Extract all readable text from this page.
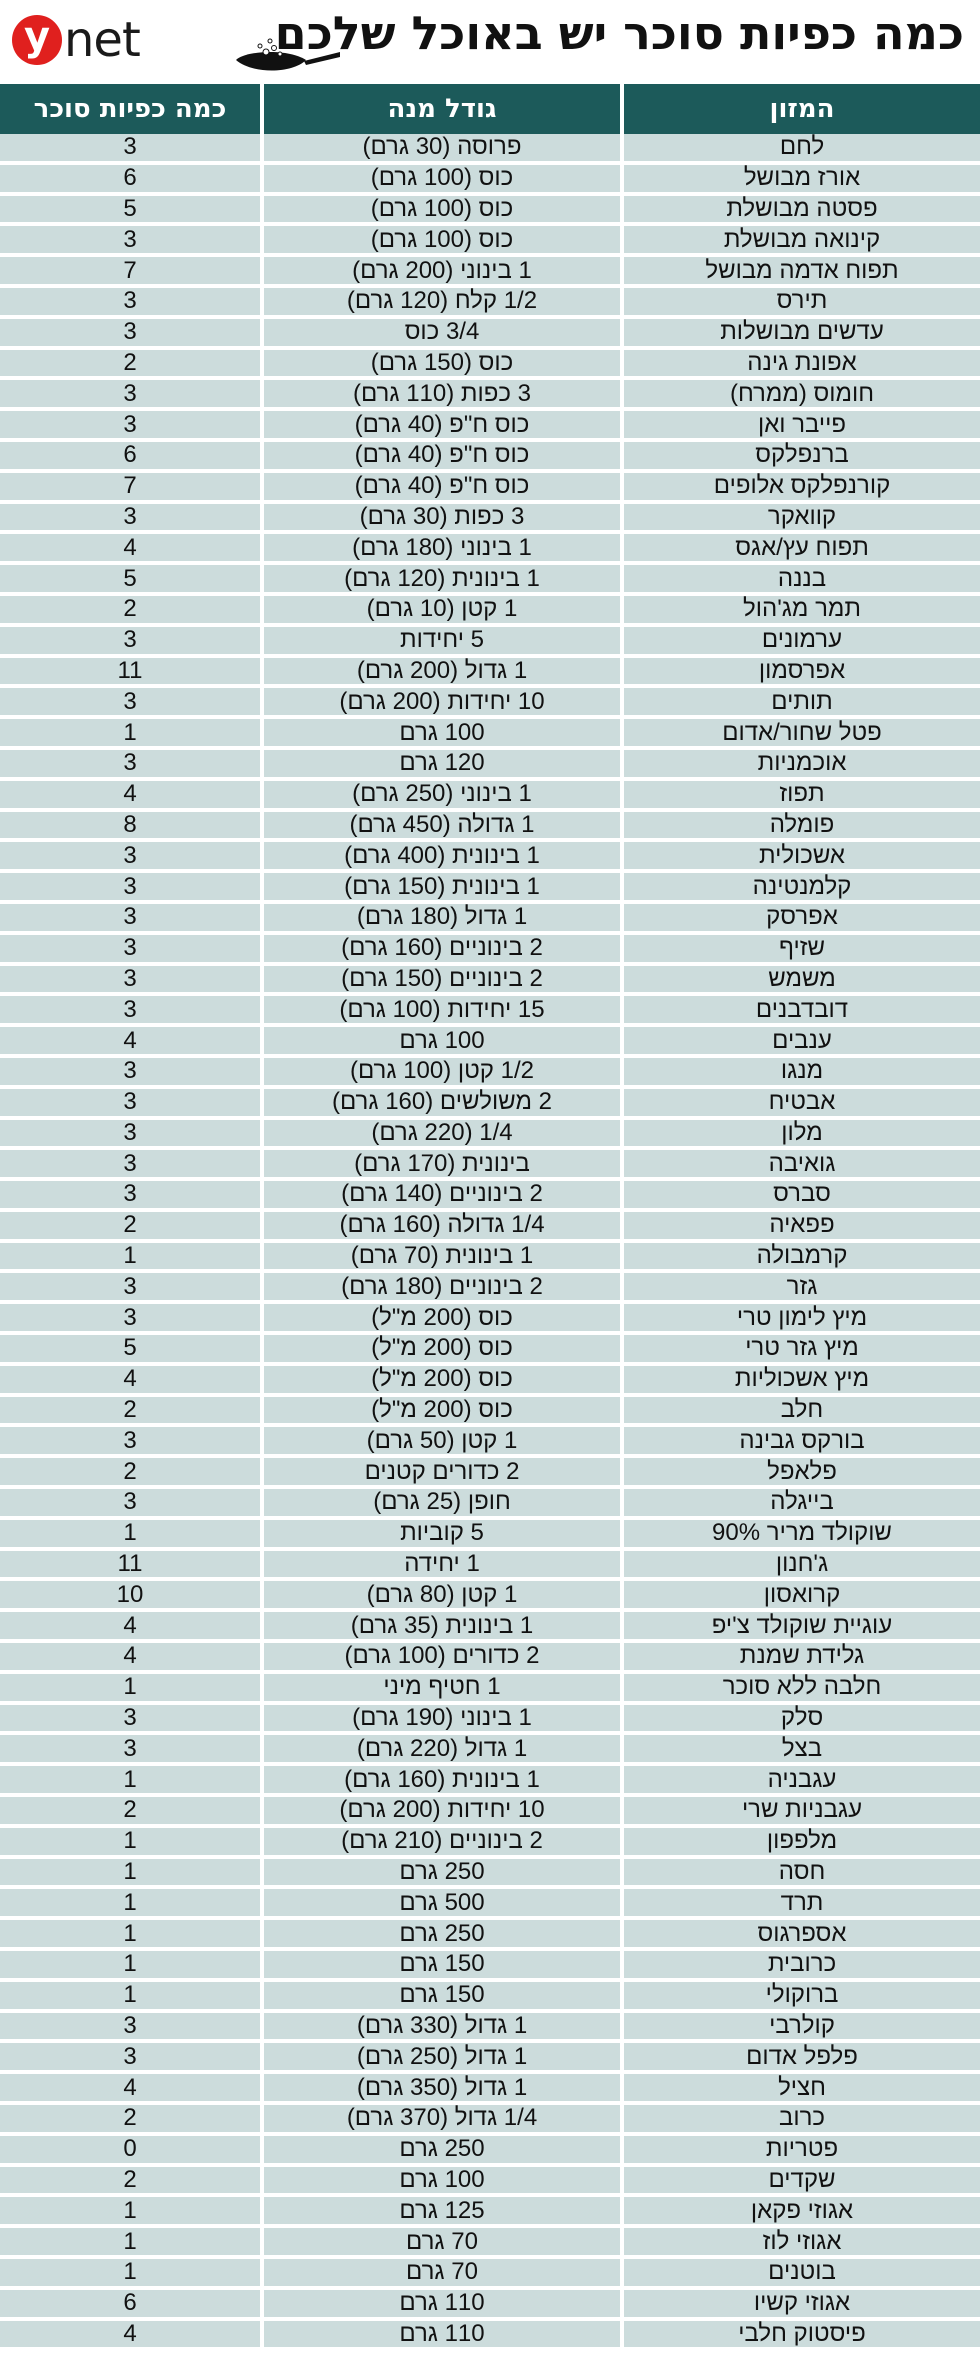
y net	כמה כפיות סוכר יש באוכל שלכם
כמה כפיות סוכר	גודל מנה	המזון
3	פרוסה (30 גרם)	לחם
6	כוס (100 גרם)	אורז מבושל
5	כוס (100 גרם)	פסטה מבושלת
3	כוס (100 גרם)	קינואה מבושלת
7	1 בינוני (200 גרם)	תפוח אדמה מבושל
3	1/2 קלח (120 גרם)	תירס
3	3/4 כוס	עדשים מבושלות
2	כוס (150 גרם)	אפונת גינה
3	3 כפות (110 גרם)	חומוס (ממרח)
3	כוס ח"פ (40 גרם)	פייבר ואן
6	כוס ח"פ (40 גרם)	ברנפלקס
7	כוס ח"פ (40 גרם)	קורנפלקס אלופים
3	3 כפות (30 גרם)	קוואקר
4	1 בינוני (180 גרם)	תפוח עץ/אגס
5	1 בינונית (120 גרם)	בננה
2	1 קטן (10 גרם)	תמר מג'הול
3	5 יחידות	ערמונים
11	1 גדול (200 גרם)	אפרסמון
3	10 יחידות (200 גרם)	תותים
1	100 גרם	פטל שחור/אדום
3	120 גרם	אוכמניות
4	1 בינוני (250 גרם)	תפוז
8	1 גדולה (450 גרם)	פומלה
3	1 בינונית (400 גרם)	אשכולית
3	1 בינונית (150 גרם)	קלמנטינה
3	1 גדול (180 גרם)	אפרסק
3	2 בינוניים (160 גרם)	שזיף
3	2 בינוניים (150 גרם)	משמש
3	15 יחידות (100 גרם)	דובדבנים
4	100 גרם	ענבים
3	1/2 קטן (100 גרם)	מנגו
3	2 משולשים (160 גרם)	אבטיח
3	1/4 (220 גרם)	מלון
3	בינונית (170 גרם)	גואיבה
3	2 בינוניים (140 גרם)	סברס
2	1/4 גדולה (160 גרם)	פפאיה
1	1 בינונית (70 גרם)	קרמבולה
3	2 בינוניים (180 גרם)	גזר
3	כוס (200 מ"ל)	מיץ לימון טרי
5	כוס (200 מ"ל)	מיץ גזר טרי
4	כוס (200 מ"ל)	מיץ אשכוליות
2	כוס (200 מ"ל)	חלב
3	1 קטן (50 גרם)	בורקס גבינה
2	2 כדורים קטנים	פלאפל
3	חופן (25 גרם)	בייגלה
1	5 קוביות	שוקולד מריר 90%
11	1 יחידה	ג'חנון
10	1 קטן (80 גרם)	קרואסון
4	1 בינונית (35 גרם)	עוגיית שוקולד צ'יפ
4	2 כדורים (100 גרם)	גלידת שמנת
1	1 חטיף מיני	חלבה ללא סוכר
3	1 בינוני (190 גרם)	סלק
3	1 גדול (220 גרם)	בצל
1	1 בינונית (160 גרם)	עגבניה
2	10 יחידות (200 גרם)	עגבניות שרי
1	2 בינוניים (210 גרם)	מלפפון
1	250 גרם	חסה
1	500 גרם	תרד
1	250 גרם	אספרגוס
1	150 גרם	כרובית
1	150 גרם	ברוקולי
3	1 גדול (330 גרם)	קולרבי
3	1 גדול (250 גרם)	פלפל אדום
4	1 גדול (350 גרם)	חציל
2	1/4 גדול (370 גרם)	כרוב
0	250 גרם	פטריות
2	100 גרם	שקדים
1	125 גרם	אגוזי פקאן
1	70 גרם	אגוזי לוז
1	70 גרם	בוטנים
6	110 גרם	אגוזי קשיו
4	110 גרם	פיסטוק חלבי
